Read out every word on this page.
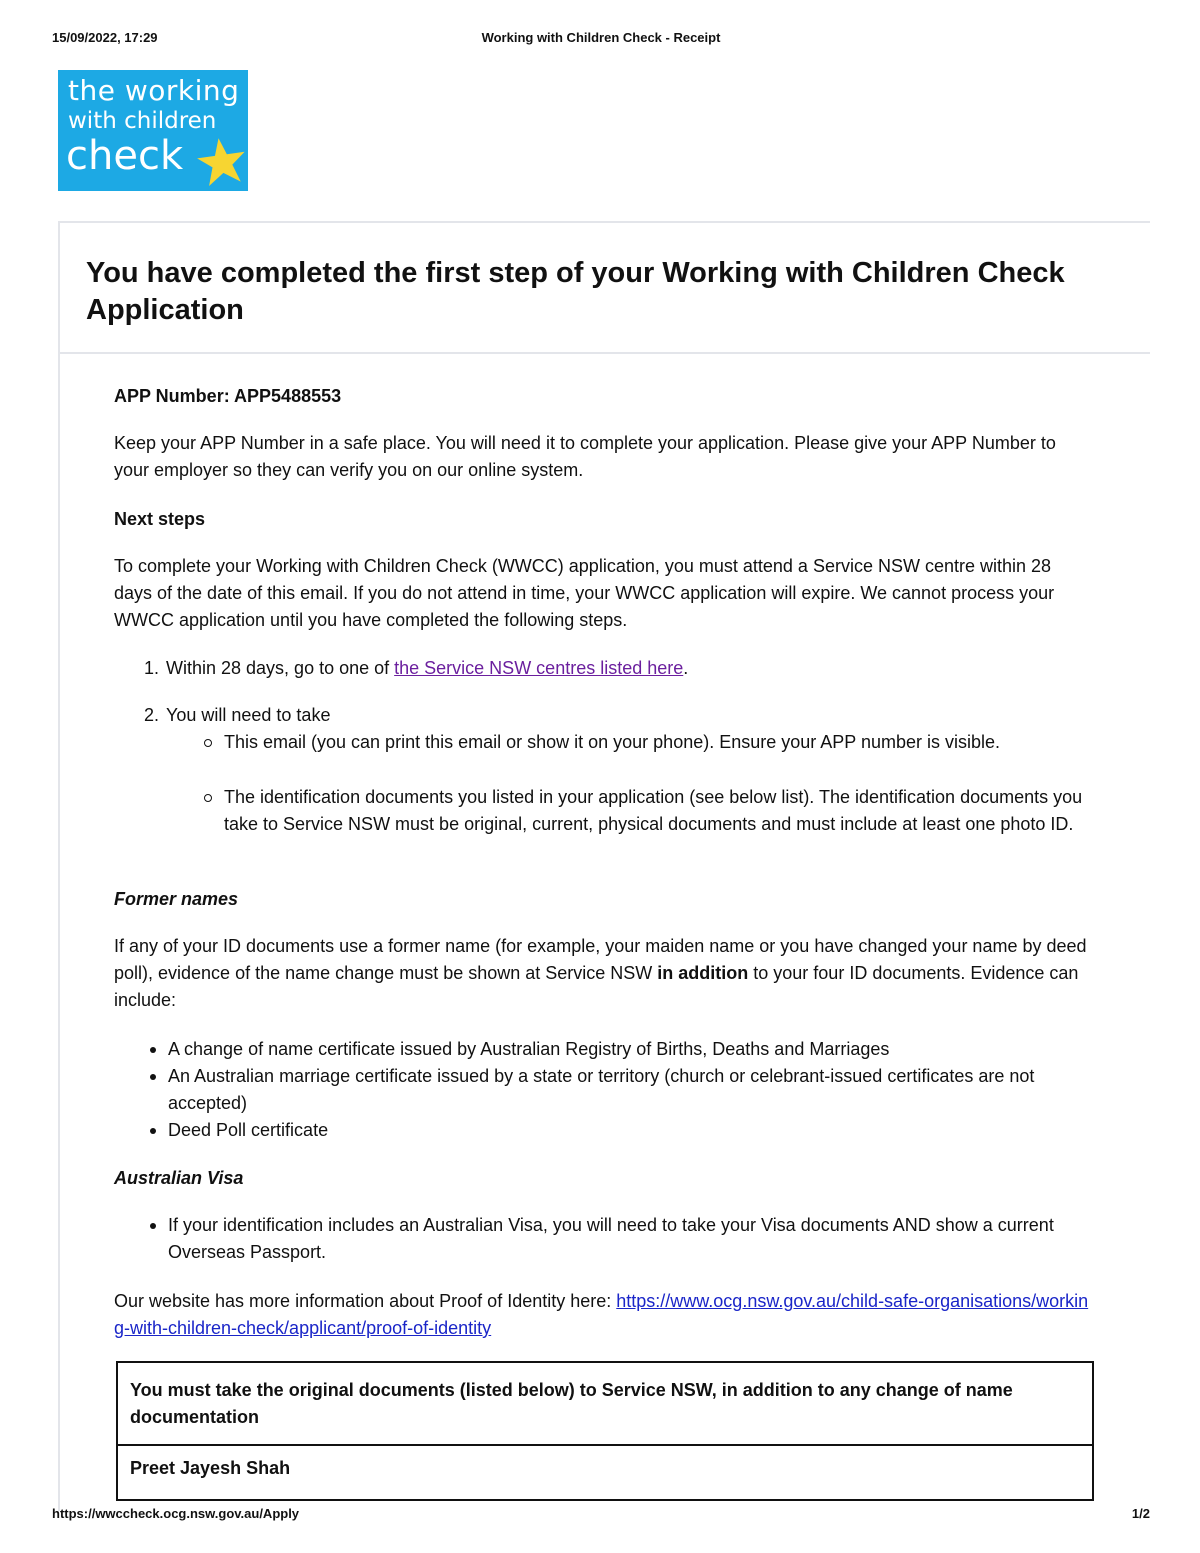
15/09/2022, 17:29	Working with Children Check - Receipt
the working
with children
check
You have completed the first step of your Working with Children Check Application
APP Number: APP5488553
Keep your APP Number in a safe place. You will need it to complete your application. Please give your APP Number to your employer so they can verify you on our online system.
Next steps
To complete your Working with Children Check (WWCC) application, you must attend a Service NSW centre within 28 days of the date of this email. If you do not attend in time, your WWCC application will expire. We cannot process your WWCC application until you have completed the following steps.
1. Within 28 days, go to one of the Service NSW centres listed here.
2. You will need to take
This email (you can print this email or show it on your phone). Ensure your APP number is visible.
The identification documents you listed in your application (see below list). The identification documents you take to Service NSW must be original, current, physical documents and must include at least one photo ID.
Former names
If any of your ID documents use a former name (for example, your maiden name or you have changed your name by deed poll), evidence of the name change must be shown at Service NSW in addition to your four ID documents. Evidence can include:
A change of name certificate issued by Australian Registry of Births, Deaths and Marriages
An Australian marriage certificate issued by a state or territory (church or celebrant-issued certificates are not accepted)
Deed Poll certificate
Australian Visa
If your identification includes an Australian Visa, you will need to take your Visa documents AND show a current Overseas Passport.
Our website has more information about Proof of Identity here: https://www.ocg.nsw.gov.au/child-safe-organisations/working-with-children-check/applicant/proof-of-identity
You must take the original documents (listed below) to Service NSW, in addition to any change of name documentation
Preet Jayesh Shah
https://wwccheck.ocg.nsw.gov.au/Apply	1/2
